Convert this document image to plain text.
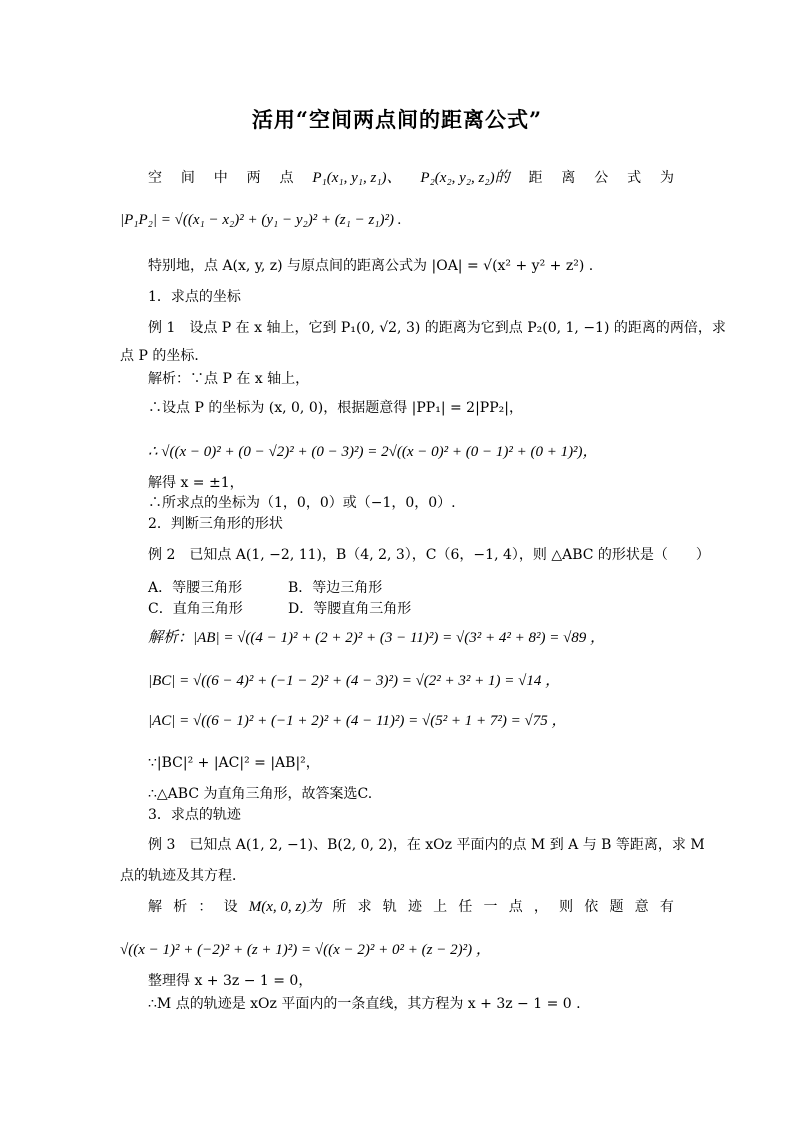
活用“空间两点间的距离公式”
空 间 中 两 点 P₁(x₁, y₁, z₁)、 P₂(x₂, y₂, z₂)的 距 离 公 式 为
|P₁P₂| = √((x₁ − x₂)² + (y₁ − y₂)² + (z₁ − z₁)²) .
特别地，点 A(x, y, z) 与原点间的距离公式为 |OA| = √(x² + y² + z²) .
1．求点的坐标
例 1　设点 P 在 x 轴上，它到 P₁(0, √2, 3) 的距离为它到点 P₂(0, 1, −1) 的距离的两倍，求
点 P 的坐标．
解析：∵点 P 在 x 轴上，
∴设点 P 的坐标为 (x, 0, 0)，根据题意得 |PP₁| = 2|PP₂|，
∴ √((x − 0)² + (0 − √2)² + (0 − 3)²) = 2√((x − 0)² + (0 − 1)² + (0 + 1)²)，
解得 x = ±1，
∴所求点的坐标为（1，0，0）或（−1，0，0）.
2．判断三角形的形状
例 2　已知点 A(1, −2, 11)，B（4, 2, 3），C（6，−1, 4），则 △ABC 的形状是（　　）
A．等腰三角形	B．等边三角形
C．直角三角形	D．等腰直角三角形
解析：|AB| = √((4 − 1)² + (2 + 2)² + (3 − 11)²) = √(3² + 4² + 8²) = √89 ，
|BC| = √((6 − 4)² + (−1 − 2)² + (4 − 3)²) = √(2² + 3² + 1) = √14 ，
|AC| = √((6 − 1)² + (−1 + 2)² + (4 − 11)²) = √(5² + 1 + 7²) = √75 ，
∵|BC|² + |AC|² = |AB|²，
∴△ABC 为直角三角形，故答案选C.
3．求点的轨迹
例 3　已知点 A(1, 2, −1)、B(2, 0, 2)，在 xOz 平面内的点 M 到 A 与 B 等距离，求 M
点的轨迹及其方程．
解 析 ： 设 M(x, 0, z)为 所 求 轨 迹 上 任 一 点 ， 则 依 题 意 有
√((x − 1)² + (−2)² + (z + 1)²) = √((x − 2)² + 0² + (z − 2)²) ，
整理得 x + 3z − 1 = 0，
∴M 点的轨迹是 xOz 平面内的一条直线，其方程为 x + 3z − 1 = 0 .
